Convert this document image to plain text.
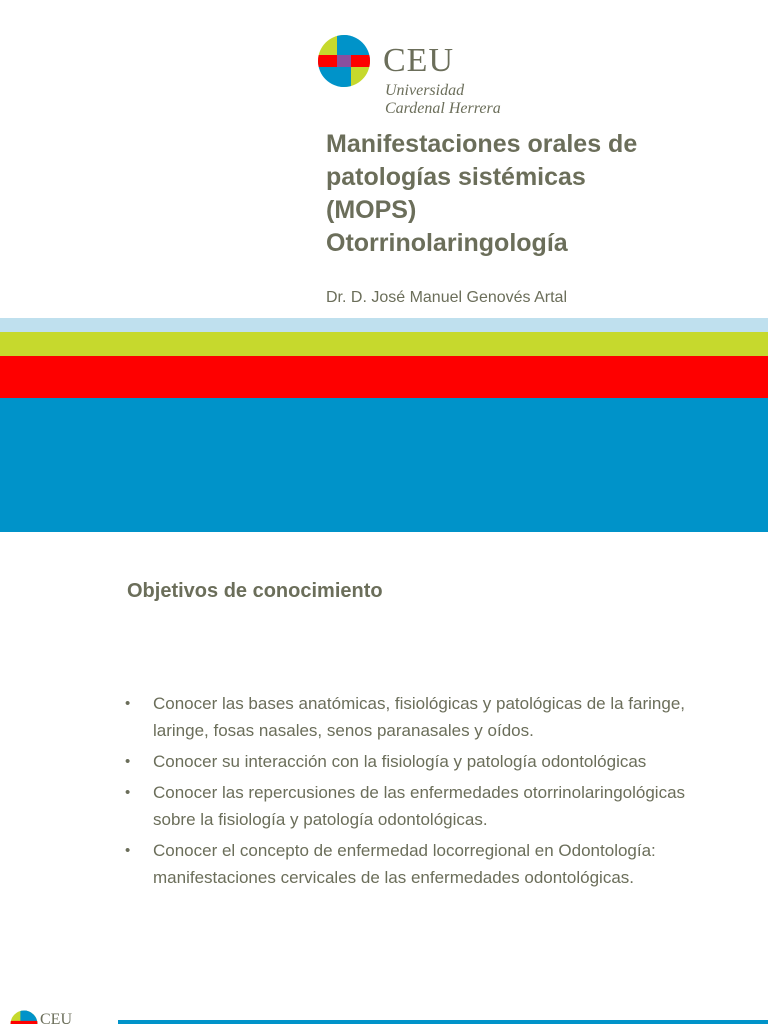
CEU
Universidad
Cardenal Herrera
Manifestaciones orales de
patologías sistémicas
(MOPS)
Otorrinolaringología

Dr. D. José Manuel Genovés Artal

Objetivos de conocimiento
• Conocer las bases anatómicas, fisiológicas y patológicas de la faringe, laringe, fosas nasales, senos paranasales y oídos.
• Conocer su interacción con la fisiología y patología odontológicas
• Conocer las repercusiones de las enfermedades otorrinolaringológicas sobre la fisiología y patología odontológicas.
• Conocer el concepto de enfermedad locorregional en Odontología: manifestaciones cervicales de las enfermedades odontológicas.
CEU
